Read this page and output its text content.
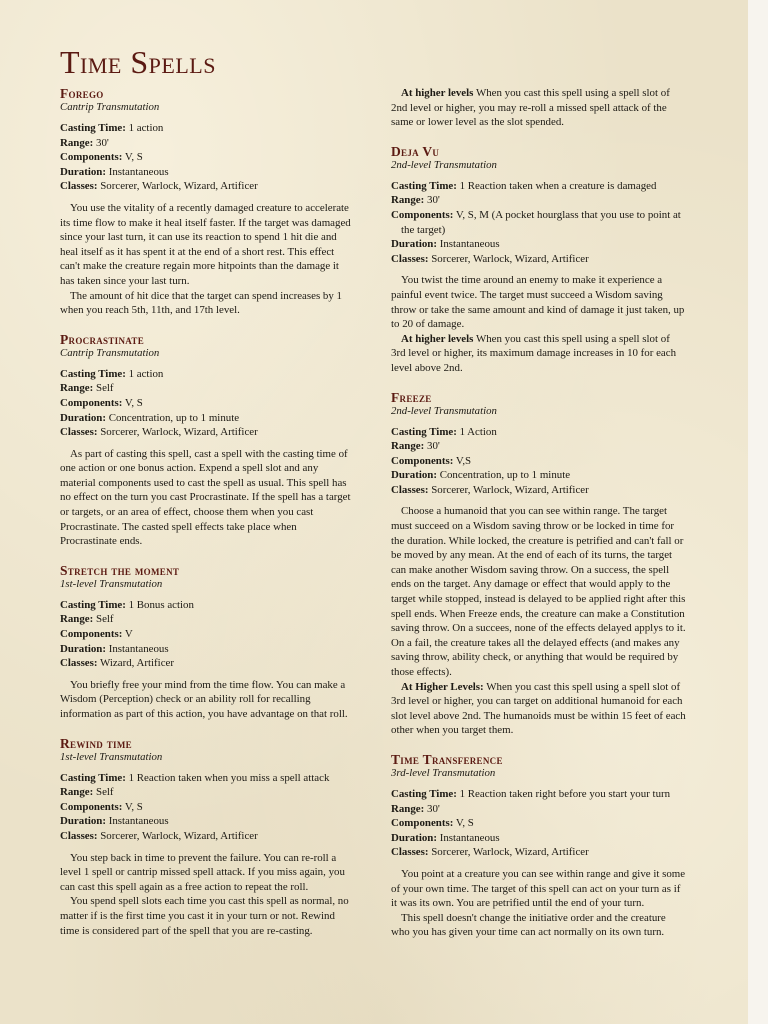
Time Spells
Forego

Cantrip Transmutation

Casting Time: 1 action

Range: 30'

Components: V, S

Duration: Instantaneous

Classes: Sorcerer, Warlock, Wizard, Artificer

You use the vitality of a recently damaged creature to accelerate its time flow to make it heal itself faster. If the target was damaged since your last turn, it can use its reaction to spend 1 hit die and heal itself as it has spent it at the end of a short rest. This effect can't make the creature regain more hitpoints than the damage it has taken since your last turn.

The amount of hit dice that the target can spend increases by 1 when you reach 5th, 11th, and 17th level.

Procrastinate

Cantrip Transmutation

Casting Time: 1 action

Range: Self

Components: V, S

Duration: Concentration, up to 1 minute

Classes: Sorcerer, Warlock, Wizard, Artificer

As part of casting this spell, cast a spell with the casting time of one action or one bonus action. Expend a spell slot and any material components used to cast the spell as usual. This spell has no effect on the turn you cast Procrastinate. If the spell has a target or targets, or an area of effect, choose them when you cast Procrastinate. The casted spell effects take place when Procrastinate ends.

Stretch the moment

1st-level Transmutation

Casting Time: 1 Bonus action

Range: Self

Components: V

Duration: Instantaneous

Classes: Wizard, Artificer

You briefly free your mind from the time flow. You can make a Wisdom (Perception) check or an ability roll for recalling information as part of this action, you have advantage on that roll.

Rewind time

1st-level Transmutation

Casting Time: 1 Reaction taken when you miss a spell attack

Range: Self

Components: V, S

Duration: Instantaneous

Classes: Sorcerer, Warlock, Wizard, Artificer

You step back in time to prevent the failure. You can re-roll a level 1 spell or cantrip missed spell attack. If you miss again, you can cast this spell again as a free action to repeat the roll.

You spend spell slots each time you cast this spell as normal, no matter if is the first time you cast it in your turn or not. Rewind time is considered part of the spell that you are re-casting.

At higher levels When you cast this spell using a spell slot of 2nd level or higher, you may re-roll a missed spell attack of the same or lower level as the slot spended.

Deja Vu

2nd-level Transmutation

Casting Time: 1 Reaction taken when a creature is damaged

Range: 30'

Components: V, S, M (A pocket hourglass that you use to point at the target)

Duration: Instantaneous

Classes: Sorcerer, Warlock, Wizard, Artificer

You twist the time around an enemy to make it experience a painful event twice. The target must succeed a Wisdom saving throw or take the same amount and kind of damage it just taken, up to 20 of damage.

At higher levels When you cast this spell using a spell slot of 3rd level or higher, its maximum damage increases in 10 for each level above 2nd.

Freeze

2nd-level Transmutation

Casting Time: 1 Action

Range: 30'

Components: V,S

Duration: Concentration, up to 1 minute

Classes: Sorcerer, Warlock, Wizard, Artificer

Choose a humanoid that you can see within range. The target must succeed on a Wisdom saving throw or be locked in time for the duration. While locked, the creature is petrified and can't fall or be moved by any mean. At the end of each of its turns, the target can make another Wisdom saving throw. On a success, the spell ends on the target. Any damage or effect that would apply to the target while stopped, instead is delayed to be applied right after this spell ends. When Freeze ends, the creature can make a Constitution saving throw. On a succees, none of the effects delayed applys to it. On a fail, the creature takes all the delayed effects (and makes any saving throw, ability check, or anything that would be required by those effects).

At Higher Levels: When you cast this spell using a spell slot of 3rd level or higher, you can target on additional humanoid for each slot level above 2nd. The humanoids must be within 15 feet of each other when you target them.

Time Transference

3rd-level Transmutation

Casting Time: 1 Reaction taken right before you start your turn

Range: 30'

Components: V, S

Duration: Instantaneous

Classes: Sorcerer, Warlock, Wizard, Artificer

You point at a creature you can see within range and give it some of your own time. The target of this spell can act on your turn as if it was its own. You are petrified until the end of your turn.

This spell doesn't change the initiative order and the creature who you has given your time can act normally on its own turn.
